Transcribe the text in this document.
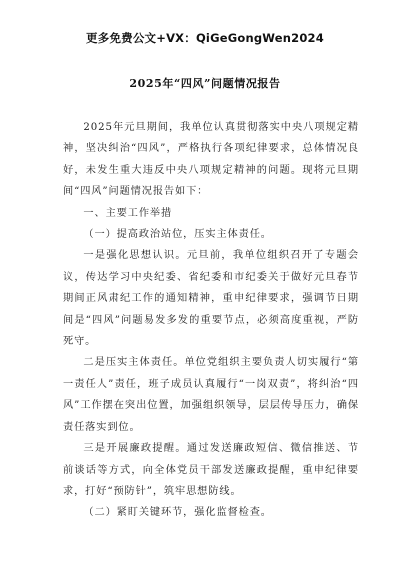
更多免费公文+VX：QiGeGongWen2024
2025年“四风”问题情况报告

2025年元旦期间，我单位认真贯彻落实中央八项规定精神，坚决纠治“四风”，严格执行各项纪律要求，总体情况良好，未发生重大违反中央八项规定精神的问题。现将元旦期间“四风”问题情况报告如下：

一、主要工作举措

（一）提高政治站位，压实主体责任。

一是强化思想认识。元旦前，我单位组织召开了专题会议，传达学习中央纪委、省纪委和市纪委关于做好元旦春节期间正风肃纪工作的通知精神，重申纪律要求，强调节日期间是“四风”问题易发多发的重要节点，必须高度重视，严防死守。

二是压实主体责任。单位党组织主要负责人切实履行“第一责任人”责任，班子成员认真履行“一岗双责”，将纠治“四风”工作摆在突出位置，加强组织领导，层层传导压力，确保责任落实到位。

三是开展廉政提醒。通过发送廉政短信、微信推送、节前谈话等方式，向全体党员干部发送廉政提醒，重申纪律要求，打好“预防针”，筑牢思想防线。

（二）紧盯关键环节，强化监督检查。
